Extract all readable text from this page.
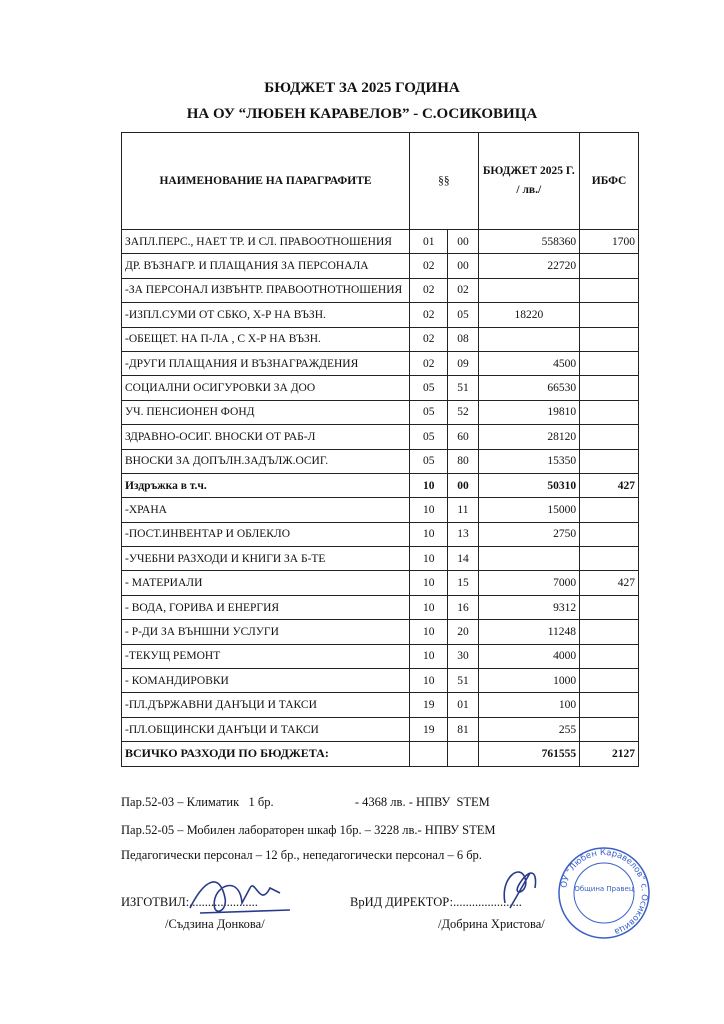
БЮДЖЕТ ЗА 2025 ГОДИНА
НА ОУ “ЛЮБЕН КАРАВЕЛОВ” - С.ОСИКОВИЦА
НАИМЕНОВАНИЕ НА ПАРАГРАФИТЕ	§§		БЮДЖЕТ 2025 Г. / лв./	ИБФС
ЗАПЛ.ПЕРС., НАЕТ ТР. И СЛ. ПРАВООТНОШЕНИЯ	01	00	558360	1700
ДР. ВЪЗНАГР. И ПЛАЩАНИЯ ЗА ПЕРСОНАЛА	02	00	22720	
-ЗА ПЕРСОНАЛ ИЗВЪНТР. ПРАВООТНОТНОШЕНИЯ	02	02		
-ИЗПЛ.СУМИ ОТ СБКО, Х-Р НА ВЪЗН.	02	05	18220	
-ОБЕЩЕТ. НА П-ЛА , С Х-Р НА ВЪЗН.	02	08		
-ДРУГИ ПЛАЩАНИЯ И ВЪЗНАГРАЖДЕНИЯ	02	09	4500	
СОЦИАЛНИ ОСИГУРОВКИ ЗА ДОО	05	51	66530	
УЧ. ПЕНСИОНЕН ФОНД	05	52	19810	
ЗДРАВНО-ОСИГ. ВНОСКИ ОТ РАБ-Л	05	60	28120	
ВНОСКИ ЗА ДОПЪЛН.ЗАДЪЛЖ.ОСИГ.	05	80	15350	
Издръжка в т.ч.	10	00	50310	427
-ХРАНА	10	11	15000	
-ПОСТ.ИНВЕНТАР И ОБЛЕКЛО	10	13	2750	
-УЧЕБНИ РАЗХОДИ И КНИГИ ЗА Б-ТЕ	10	14		
- МАТЕРИАЛИ	10	15	7000	427
- ВОДА, ГОРИВА И ЕНЕРГИЯ	10	16	9312	
- Р-ДИ ЗА ВЪНШНИ УСЛУГИ	10	20	11248	
-ТЕКУЩ РЕМОНТ	10	30	4000	
- КОМАНДИРОВКИ	10	51	1000	
-ПЛ.ДЪРЖАВНИ ДАНЪЦИ И ТАКСИ	19	01	100	
-ПЛ.ОБЩИНСКИ ДАНЪЦИ И ТАКСИ	19	81	255	
ВСИЧКО РАЗХОДИ ПО БЮДЖЕТА:			761555	2127
Пар.52-03 – Климатик   1 бр.                          - 4368 лв. - НПВУ  STEM
Пар.52-05 – Мобилен лабораторен шкаф 1бр. – 3228 лв.- НПВУ STEM
Педагогически персонал – 12 бр., непедагогически персонал – 6 бр.
ИЗГОТВИЛ:......................
/Съдзина Донкова/
ВрИД ДИРЕКТОР:......................
/Добрина Христова/
ОУ "Любен Каравелов" с. Осиковица
Община Правец
